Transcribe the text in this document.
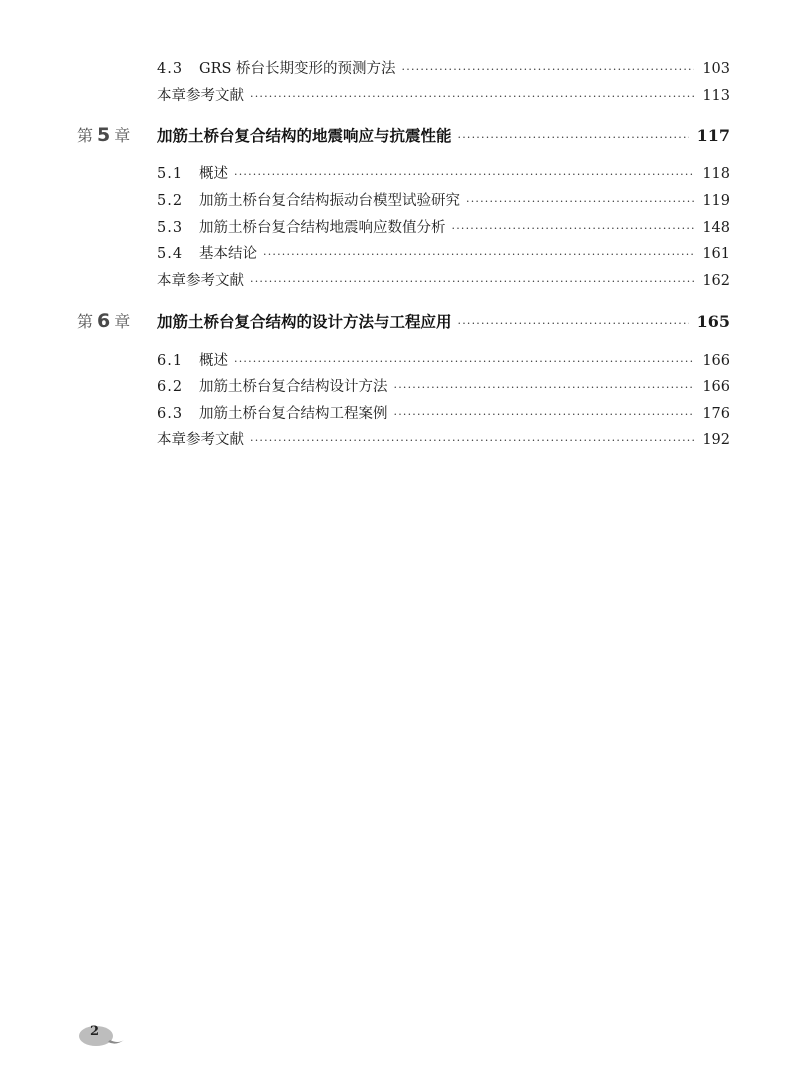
4.3	GRS 桥台长期变形的预测方法 ·····	103
本章参考文献 ·····	113
第 5 章	加筋土桥台复合结构的地震响应与抗震性能 ·····	117
5.1	概述 ·····	118
5.2	加筋土桥台复合结构振动台模型试验研究 ·····	119
5.3	加筋土桥台复合结构地震响应数值分析 ·····	148
5.4	基本结论 ·····	161
本章参考文献 ·····	162
第 6 章	加筋土桥台复合结构的设计方法与工程应用 ·····	165
6.1	概述 ·····	166
6.2	加筋土桥台复合结构设计方法 ·····	166
6.3	加筋土桥台复合结构工程案例 ·····	176
本章参考文献 ·····	192
2
